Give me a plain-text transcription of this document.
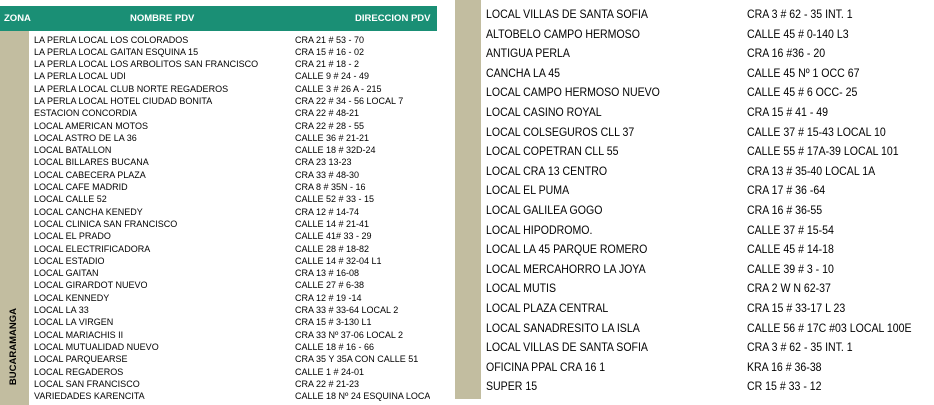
ZONA	NOMBRE PDV	DIRECCION PDV
BUCARAMANGA
LA PERLA LOCAL LOS COLORADOS	CRA 21 # 53 - 70
LA PERLA LOCAL GAITAN ESQUINA 15	CRA 15 # 16 - 02
LA PERLA LOCAL LOS ARBOLITOS SAN FRANCISCO	CRA 21 # 18 - 2
LA PERLA LOCAL UDI	CALLE 9 # 24 - 49
LA PERLA LOCAL CLUB NORTE REGADEROS	CALLE 3 # 26 A - 215
LA PERLA LOCAL HOTEL CIUDAD BONITA	CRA 22 # 34 - 56 LOCAL 7
ESTACION CONCORDIA	CRA 22 # 48-21
LOCAL AMERICAN MOTOS	CRA 22 # 28 - 55
LOCAL ASTRO DE LA 36	CALLE 36 # 21-21
LOCAL BATALLON	CALLE 18 # 32D-24
LOCAL BILLARES BUCANA	CRA 23 13-23
LOCAL CABECERA PLAZA	CRA 33 # 48-30
LOCAL CAFE MADRID	CRA 8 # 35N - 16
LOCAL CALLE 52	CALLE 52 # 33 - 15
LOCAL CANCHA KENEDY	CRA 12 # 14-74
LOCAL CLINICA SAN FRANCISCO	CALLE 14 # 21-41
LOCAL EL PRADO	CALLE 41# 33 - 29
LOCAL ELECTRIFICADORA	CALLE 28 # 18-82
LOCAL ESTADIO	CALLE 14 # 32-04 L1
LOCAL GAITAN	CRA 13 # 16-08
LOCAL GIRARDOT NUEVO	CALLE 27 # 6-38
LOCAL KENNEDY	CRA 12 # 19 -14
LOCAL LA 33	CRA 33 # 33-64 LOCAL 2
LOCAL LA VIRGEN	CRA 15 # 3-130 L1
LOCAL MARIACHIS II	CRA 33 Nº 37-06 LOCAL 2
LOCAL MUTUALIDAD NUEVO	CALLE 18 # 16 - 66
LOCAL PARQUEARSE	CRA 35 Y 35A CON CALLE 51
LOCAL REGADEROS	CALLE 1 # 24-01
LOCAL SAN FRANCISCO	CRA 22 # 21-23
VARIEDADES KARENCITA	CALLE 18 Nº 24 ESQUINA LOCA
LOCAL VILLAS DE SANTA SOFIA	CRA 3 # 62 - 35 INT. 1
ALTOBELO CAMPO HERMOSO	CALLE 45 # 0-140 L3
ANTIGUA PERLA	CRA 16 #36 - 20
CANCHA LA 45	CALLE 45 Nº 1 OCC 67
LOCAL CAMPO HERMOSO NUEVO	CALLE 45 # 6 OCC- 25
LOCAL CASINO ROYAL	CRA 15 # 41 - 49
LOCAL COLSEGUROS CLL 37	CALLE 37 # 15-43 LOCAL 10
LOCAL COPETRAN CLL 55	CALLE 55 # 17A-39 LOCAL 101
LOCAL CRA 13 CENTRO	CRA 13 # 35-40 LOCAL 1A
LOCAL EL PUMA	CRA 17 # 36 -64
LOCAL GALILEA GOGO	CRA 16 # 36-55
LOCAL HIPODROMO.	CALLE 37 # 15-54
LOCAL LA 45 PARQUE ROMERO	CALLE 45 # 14-18
LOCAL MERCAHORRO LA JOYA	CALLE 39 # 3 - 10
LOCAL MUTIS	CRA 2 W N 62-37
LOCAL PLAZA CENTRAL	CRA 15 # 33-17 L 23
LOCAL SANADRESITO LA ISLA	CALLE 56 # 17C #03 LOCAL 100E
LOCAL VILLAS DE SANTA SOFIA	CRA 3 # 62 - 35 INT. 1
OFICINA PPAL CRA 16 1	KRA 16 # 36-38
SUPER 15	CR 15 # 33 - 12
